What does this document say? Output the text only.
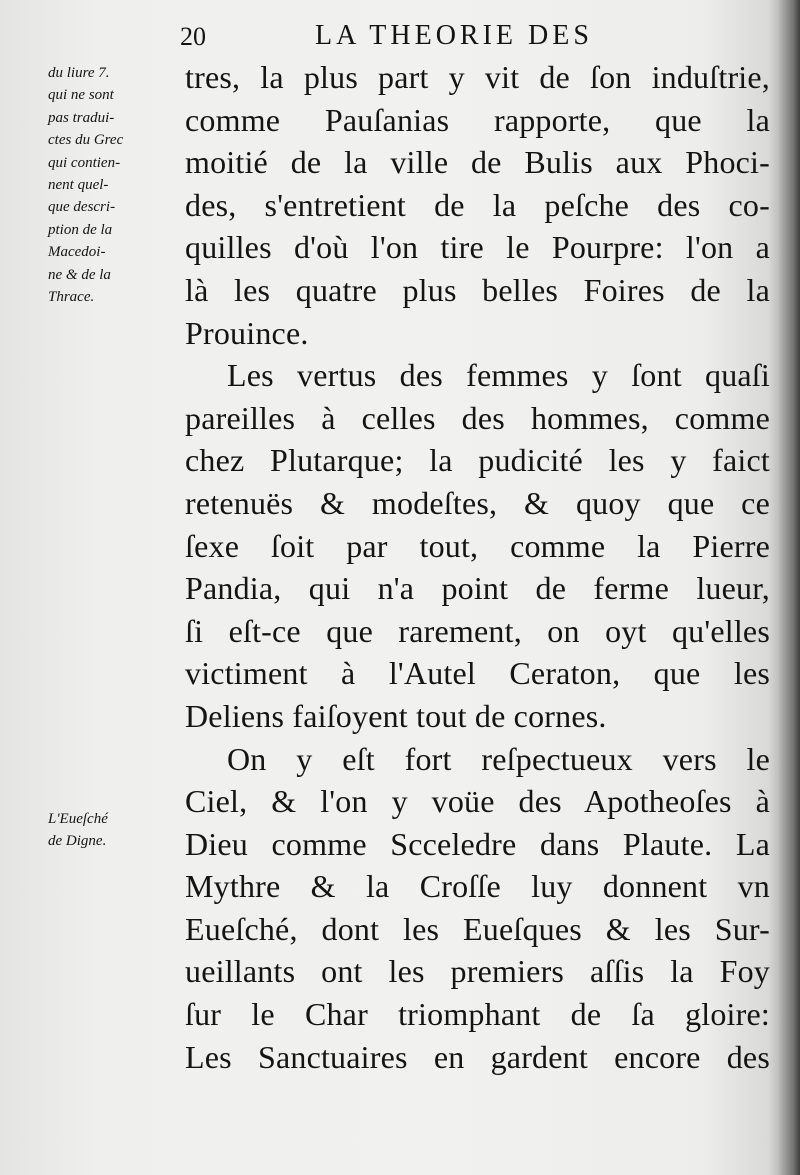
20	LA THEORIE DES
du liure 7.
qui ne sont
pas tradui-
ctes du Grec
qui contien-
nent quel-
que descri-
ption de la
Macedoi-
ne & de la
Thrace.
L'Eueſché
de Digne.
tres, la plus part y vit de ſon induſtrie,
comme Pauſanias rapporte, que la
moitié de la ville de Bulis aux Phoci-
des, s'entretient de la peſche des co-
quilles d'où l'on tire le Pourpre: l'on a
là les quatre plus belles Foires de la
Prouince.
Les vertus des femmes y ſont quaſi
pareilles à celles des hommes, comme
chez Plutarque; la pudicité les y faict
retenuës & modeſtes, & quoy que ce
ſexe ſoit par tout, comme la Pierre
Pandia, qui n'a point de ferme lueur,
ſi eſt-ce que rarement, on oyt qu'elles
victiment à l'Autel Ceraton, que les
Deliens faiſoyent tout de cornes.
On y eſt fort reſpectueux vers le
Ciel, & l'on y voüe des Apotheoſes à
Dieu comme Scceledre dans Plaute. La
Mythre & la Croſſe luy donnent vn
Eueſché, dont les Eueſques & les Sur-
ueillants ont les premiers aſſis la Foy
ſur le Char triomphant de ſa gloire:
Les Sanctuaires en gardent encore des
